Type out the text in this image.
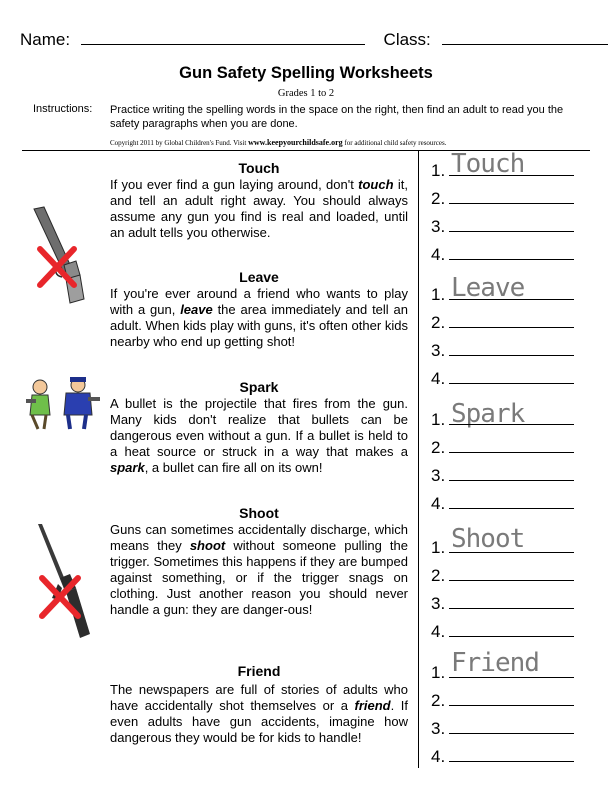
Name:	Class:
Gun Safety Spelling Worksheets
Grades 1 to 2
Instructions: Practice writing the spelling words in the space on the right, then find an adult to read you the safety paragraphs when you are done.
Copyright 2011 by Global Children's Fund. Visit www.keepyourchildsafe.org for additional child safety resources.
Touch
If you ever find a gun laying around, don't touch it, and tell an adult right away. You should always assume any gun you find is real and loaded, until an adult tells you otherwise.
Leave
If you're ever around a friend who wants to play with a gun, leave the area immediately and tell an adult. When kids play with guns, it's often other kids nearby who end up getting shot!
Spark
A bullet is the projectile that fires from the gun. Many kids don't realize that bullets can be dangerous even without a gun. If a bullet is held to a heat source or struck in a way that makes a spark, a bullet can fire all on its own!
Shoot
Guns can sometimes accidentally discharge, which means they shoot without someone pulling the trigger. Sometimes this happens if they are bumped against something, or if the trigger snags on clothing. Just another reason you should never handle a gun: they are danger-ous!
Friend
The newspapers are full of stories of adults who have accidentally shot themselves or a friend. If even adults have gun accidents, imagine how dangerous they would be for kids to handle!
Touch
1.
2.
3.
4.
Leave
1.
2.
3.
4.
Spark
1.
2.
3.
4.
Shoot
1.
2.
3.
4.
Friend
1.
2.
3.
4.
